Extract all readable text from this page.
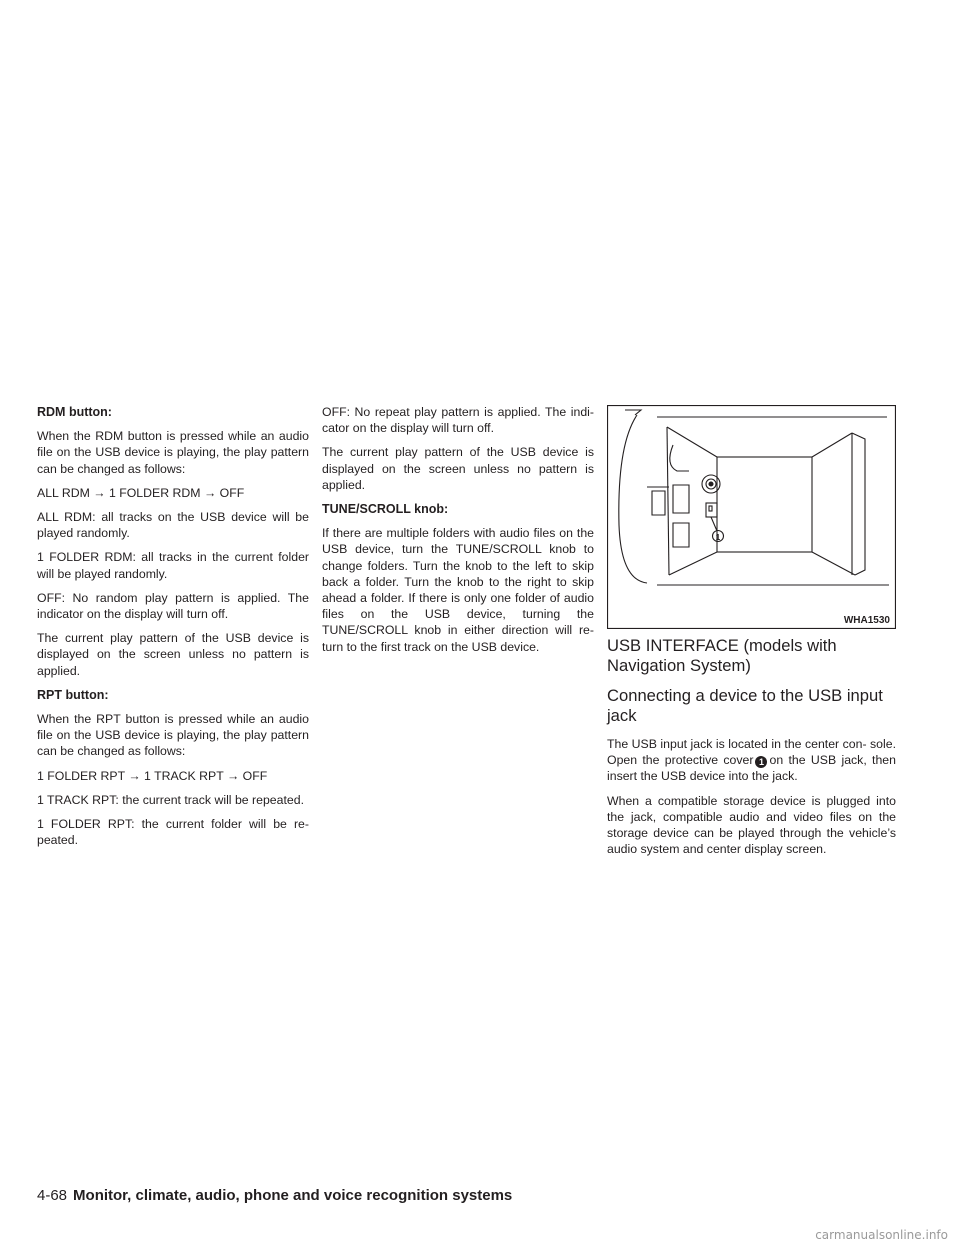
RDM button:

When the RDM button is pressed while an audio file on the USB device is playing, the play pattern can be changed as follows:

ALL RDM → 1 FOLDER RDM → OFF

ALL RDM: all tracks on the USB device will be played randomly.

1 FOLDER RDM: all tracks in the current folder will be played randomly.

OFF: No random play pattern is applied. The indicator on the display will turn off.

The current play pattern of the USB device is displayed on the screen unless no pattern is applied.

RPT button:

When the RPT button is pressed while an audio file on the USB device is playing, the play pattern can be changed as follows:

1 FOLDER RPT → 1 TRACK RPT → OFF

1 TRACK RPT: the current track will be repeated.

1 FOLDER RPT: the current folder will be re- peated.

OFF: No repeat play pattern is applied. The indi- cator on the display will turn off.

The current play pattern of the USB device is displayed on the screen unless no pattern is applied.

TUNE/SCROLL knob:

If there are multiple folders with audio files on the USB device, turn the TUNE/SCROLL knob to change folders. Turn the knob to the left to skip back a folder. Turn the knob to the right to skip ahead a folder. If there is only one folder of audio files on the USB device, turning the TUNE/SCROLL knob in either direction will re- turn to the first track on the USB device.

1
WHA1530
USB INTERFACE (models with Navigation System)
Connecting a device to the USB input jack

The USB input jack is located in the center con- sole. Open the protective cover 1 on the USB jack, then insert the USB device into the jack.

When a compatible storage device is plugged into the jack, compatible audio and video files on the storage device can be played through the vehicle’s audio system and center display screen.

4-68 Monitor, climate, audio, phone and voice recognition systems
carmanualsonline.info
